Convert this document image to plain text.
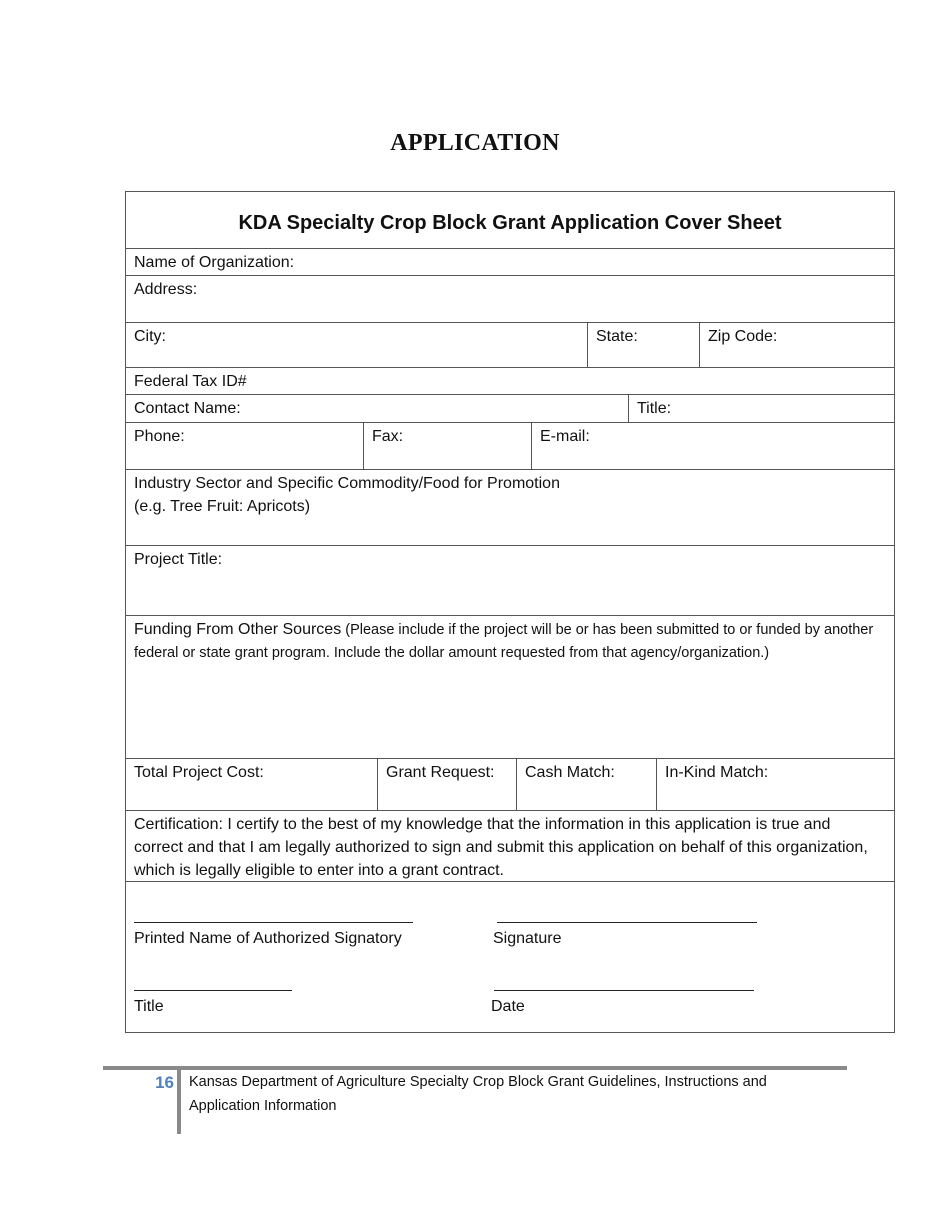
APPLICATION
KDA Specialty Crop Block Grant Application Cover Sheet
Name of Organization:
Address:
City:	State:	Zip Code:
Federal Tax ID#
Contact Name:	Title:
Phone:	Fax:	E-mail:
Industry Sector and Specific Commodity/Food for Promotion
(e.g. Tree Fruit: Apricots)
Project Title:
Funding From Other Sources (Please include if the project will be or has been submitted to or funded by another federal or state grant program. Include the dollar amount requested from that agency/organization.)
Total Project Cost:	Grant Request:	Cash Match:	In-Kind Match:
Certification: I certify to the best of my knowledge that the information in this application is true and correct and that I am legally authorized to sign and submit this application on behalf of this organization, which is legally eligible to enter into a grant contract.
Printed Name of Authorized Signatory	Signature
Title	Date
16 Kansas Department of Agriculture Specialty Crop Block Grant Guidelines, Instructions and
Application Information
